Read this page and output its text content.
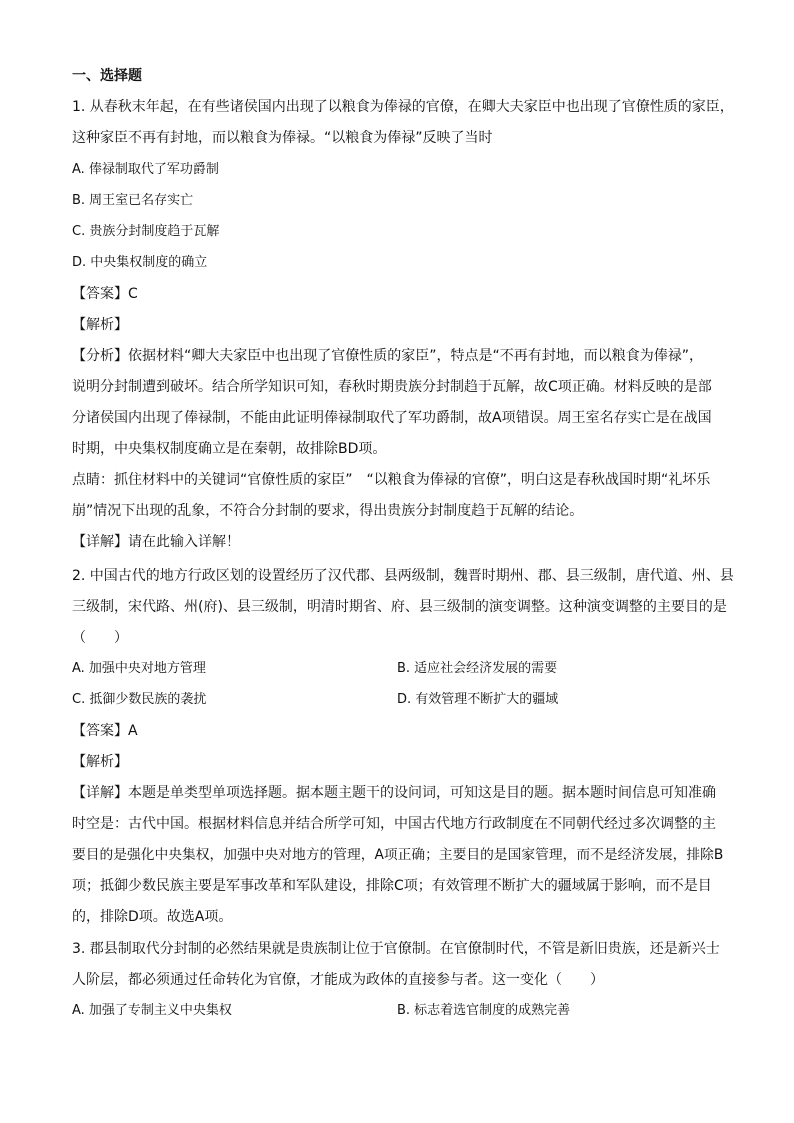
一、选择题
1. 从春秋末年起，在有些诸侯国内出现了以粮食为俸禄的官僚，在卿大夫家臣中也出现了官僚性质的家臣，
这种家臣不再有封地，而以粮食为俸禄。“以粮食为俸禄”反映了当时
A. 俸禄制取代了军功爵制
B. 周王室已名存实亡
C. 贵族分封制度趋于瓦解
D. 中央集权制度的确立
【答案】C
【解析】
【分析】依据材料“卿大夫家臣中也出现了官僚性质的家臣”，特点是“不再有封地，而以粮食为俸禄”，
说明分封制遭到破坏。结合所学知识可知，春秋时期贵族分封制趋于瓦解，故C项正确。材料反映的是部
分诸侯国内出现了俸禄制，不能由此证明俸禄制取代了军功爵制，故A项错误。周王室名存实亡是在战国
时期，中央集权制度确立是在秦朝，故排除BD项。
点睛：抓住材料中的关键词“官僚性质的家臣”　“以粮食为俸禄的官僚”，明白这是春秋战国时期“礼坏乐
崩”情况下出现的乱象，不符合分封制的要求，得出贵族分封制度趋于瓦解的结论。
【详解】请在此输入详解！
2. 中国古代的地方行政区划的设置经历了汉代郡、县两级制，魏晋时期州、郡、县三级制，唐代道、州、县
三级制，宋代路、州(府)、县三级制，明清时期省、府、县三级制的演变调整。这种演变调整的主要目的是
（　　）
A. 加强中央对地方管理	B. 适应社会经济发展的需要
C. 抵御少数民族的袭扰	D. 有效管理不断扩大的疆域
【答案】A
【解析】
【详解】本题是单类型单项选择题。据本题主题干的设问词，可知这是目的题。据本题时间信息可知准确
时空是：古代中国。根据材料信息并结合所学可知，中国古代地方行政制度在不同朝代经过多次调整的主
要目的是强化中央集权，加强中央对地方的管理，A项正确；主要目的是国家管理，而不是经济发展，排除B
项；抵御少数民族主要是军事改革和军队建设，排除C项；有效管理不断扩大的疆域属于影响，而不是目
的，排除D项。故选A项。
3. 郡县制取代分封制的必然结果就是贵族制让位于官僚制。在官僚制时代，不管是新旧贵族，还是新兴士
人阶层，都必须通过任命转化为官僚，才能成为政体的直接参与者。这一变化（　　）
A. 加强了专制主义中央集权	B. 标志着选官制度的成熟完善
